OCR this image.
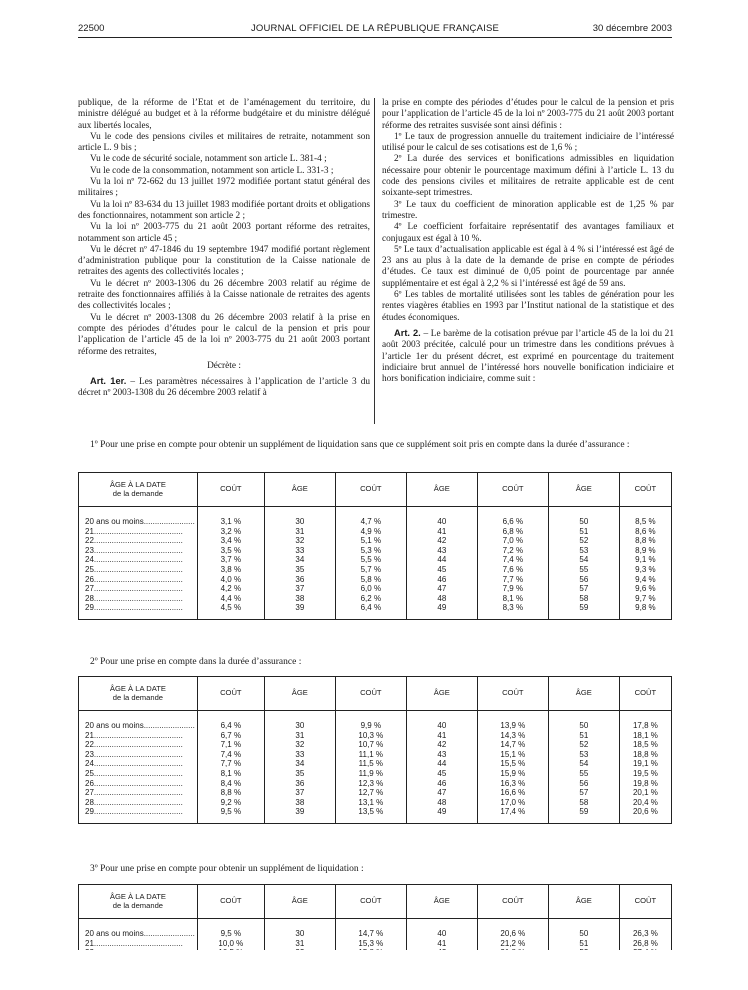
22500	JOURNAL OFFICIEL DE LA RÉPUBLIQUE FRANÇAISE	30 décembre 2003

publique, de la réforme de l’Etat et de l’aménagement du territoire, du ministre délégué au budget et à la réforme budgétaire et du ministre délégué aux libertés locales,

Vu le code des pensions civiles et militaires de retraite, notamment son article L. 9 bis ;

Vu le code de sécurité sociale, notamment son article L. 381-4 ;

Vu le code de la consommation, notamment son article L. 331-3 ;

Vu la loi nº 72-662 du 13 juillet 1972 modifiée portant statut général des militaires ;

Vu la loi nº 83-634 du 13 juillet 1983 modifiée portant droits et obligations des fonctionnaires, notamment son article 2 ;

Vu la loi nº 2003-775 du 21 août 2003 portant réforme des retraites, notamment son article 45 ;

Vu le décret nº 47-1846 du 19 septembre 1947 modifié portant règlement d’administration publique pour la constitution de la Caisse nationale de retraites des agents des collectivités locales ;

Vu le décret nº 2003-1306 du 26 décembre 2003 relatif au régime de retraite des fonctionnaires affiliés à la Caisse nationale de retraites des agents des collectivités locales ;

Vu le décret nº 2003-1308 du 26 décembre 2003 relatif à la prise en compte des périodes d’études pour le calcul de la pension et pris pour l’application de l’article 45 de la loi nº 2003-775 du 21 août 2003 portant réforme des retraites,

Décrète :

Art. 1er. – Les paramètres nécessaires à l’application de l’article 3 du décret nº 2003-1308 du 26 décembre 2003 relatif à

la prise en compte des périodes d’études pour le calcul de la pension et pris pour l’application de l’article 45 de la loi nº 2003-775 du 21 août 2003 portant réforme des retraites susvisée sont ainsi définis :

1º Le taux de progression annuelle du traitement indiciaire de l’intéressé utilisé pour le calcul de ses cotisations est de 1,6 % ;

2º La durée des services et bonifications admissibles en liquidation nécessaire pour obtenir le pourcentage maximum défini à l’article L. 13 du code des pensions civiles et militaires de retraite applicable est de cent soixante-sept trimestres.

3º Le taux du coefficient de minoration applicable est de 1,25 % par trimestre.

4º Le coefficient forfaitaire représentatif des avantages familiaux et conjugaux est égal à 10 %.

5º Le taux d’actualisation applicable est égal à 4 % si l’intéressé est âgé de 23 ans au plus à la date de la demande de prise en compte de périodes d’études. Ce taux est diminué de 0,05 point de pourcentage par année supplémentaire et est égal à 2,2 % si l’intéressé est âgé de 59 ans.

6º Les tables de mortalité utilisées sont les tables de génération pour les rentes viagères établies en 1993 par l’Institut national de la statistique et des études économiques.

Art. 2. – Le barème de la cotisation prévue par l’article 45 de la loi du 21 août 2003 précitée, calculé pour un trimestre dans les conditions prévues à l’article 1er du présent décret, est exprimé en pourcentage du traitement indiciaire brut annuel de l’intéressé hors nouvelle bonification indiciaire et hors bonification indiciaire, comme suit :

1º Pour une prise en compte pour obtenir un supplément de liquidation sans que ce supplément soit pris en compte dans la durée d’assurance :

ÂGE À LA DATE
de la demande	COÛT	ÂGE	COÛT	ÂGE	COÛT	ÂGE	COÛT
20 ans ou moins.......................	3,1 %	30	4,7 %	40	6,6 %	50	8,5 %
21........................................	3,2 %	31	4,9 %	41	6,8 %	51	8,6 %
22........................................	3,4 %	32	5,1 %	42	7,0 %	52	8,8 %
23........................................	3,5 %	33	5,3 %	43	7,2 %	53	8,9 %
24........................................	3,7 %	34	5,5 %	44	7,4 %	54	9,1 %
25........................................	3,8 %	35	5,7 %	45	7,6 %	55	9,3 %
26........................................	4,0 %	36	5,8 %	46	7,7 %	56	9,4 %
27........................................	4,2 %	37	6,0 %	47	7,9 %	57	9,6 %
28........................................	4,4 %	38	6,2 %	48	8,1 %	58	9,7 %
29........................................	4,5 %	39	6,4 %	49	8,3 %	59	9,8 %

2º Pour une prise en compte dans la durée d’assurance :

ÂGE À LA DATE
de la demande	COÛT	ÂGE	COÛT	ÂGE	COÛT	ÂGE	COÛT
20 ans ou moins.......................	6,4 %	30	9,9 %	40	13,9 %	50	17,8 %
21........................................	6,7 %	31	10,3 %	41	14,3 %	51	18,1 %
22........................................	7,1 %	32	10,7 %	42	14,7 %	52	18,5 %
23........................................	7,4 %	33	11,1 %	43	15,1 %	53	18,8 %
24........................................	7,7 %	34	11,5 %	44	15,5 %	54	19,1 %
25........................................	8,1 %	35	11,9 %	45	15,9 %	55	19,5 %
26........................................	8,4 %	36	12,3 %	46	16,3 %	56	19,8 %
27........................................	8,8 %	37	12,7 %	47	16,6 %	57	20,1 %
28........................................	9,2 %	38	13,1 %	48	17,0 %	58	20,4 %
29........................................	9,5 %	39	13,5 %	49	17,4 %	59	20,6 %

3º Pour une prise en compte pour obtenir un supplément de liquidation :

ÂGE À LA DATE
de la demande	COÛT	ÂGE	COÛT	ÂGE	COÛT	ÂGE	COÛT
20 ans ou moins.......................	9,5 %	30	14,7 %	40	20,6 %	50	26,3 %
21........................................	10,0 %	31	15,3 %	41	21,2 %	51	26,8 %
